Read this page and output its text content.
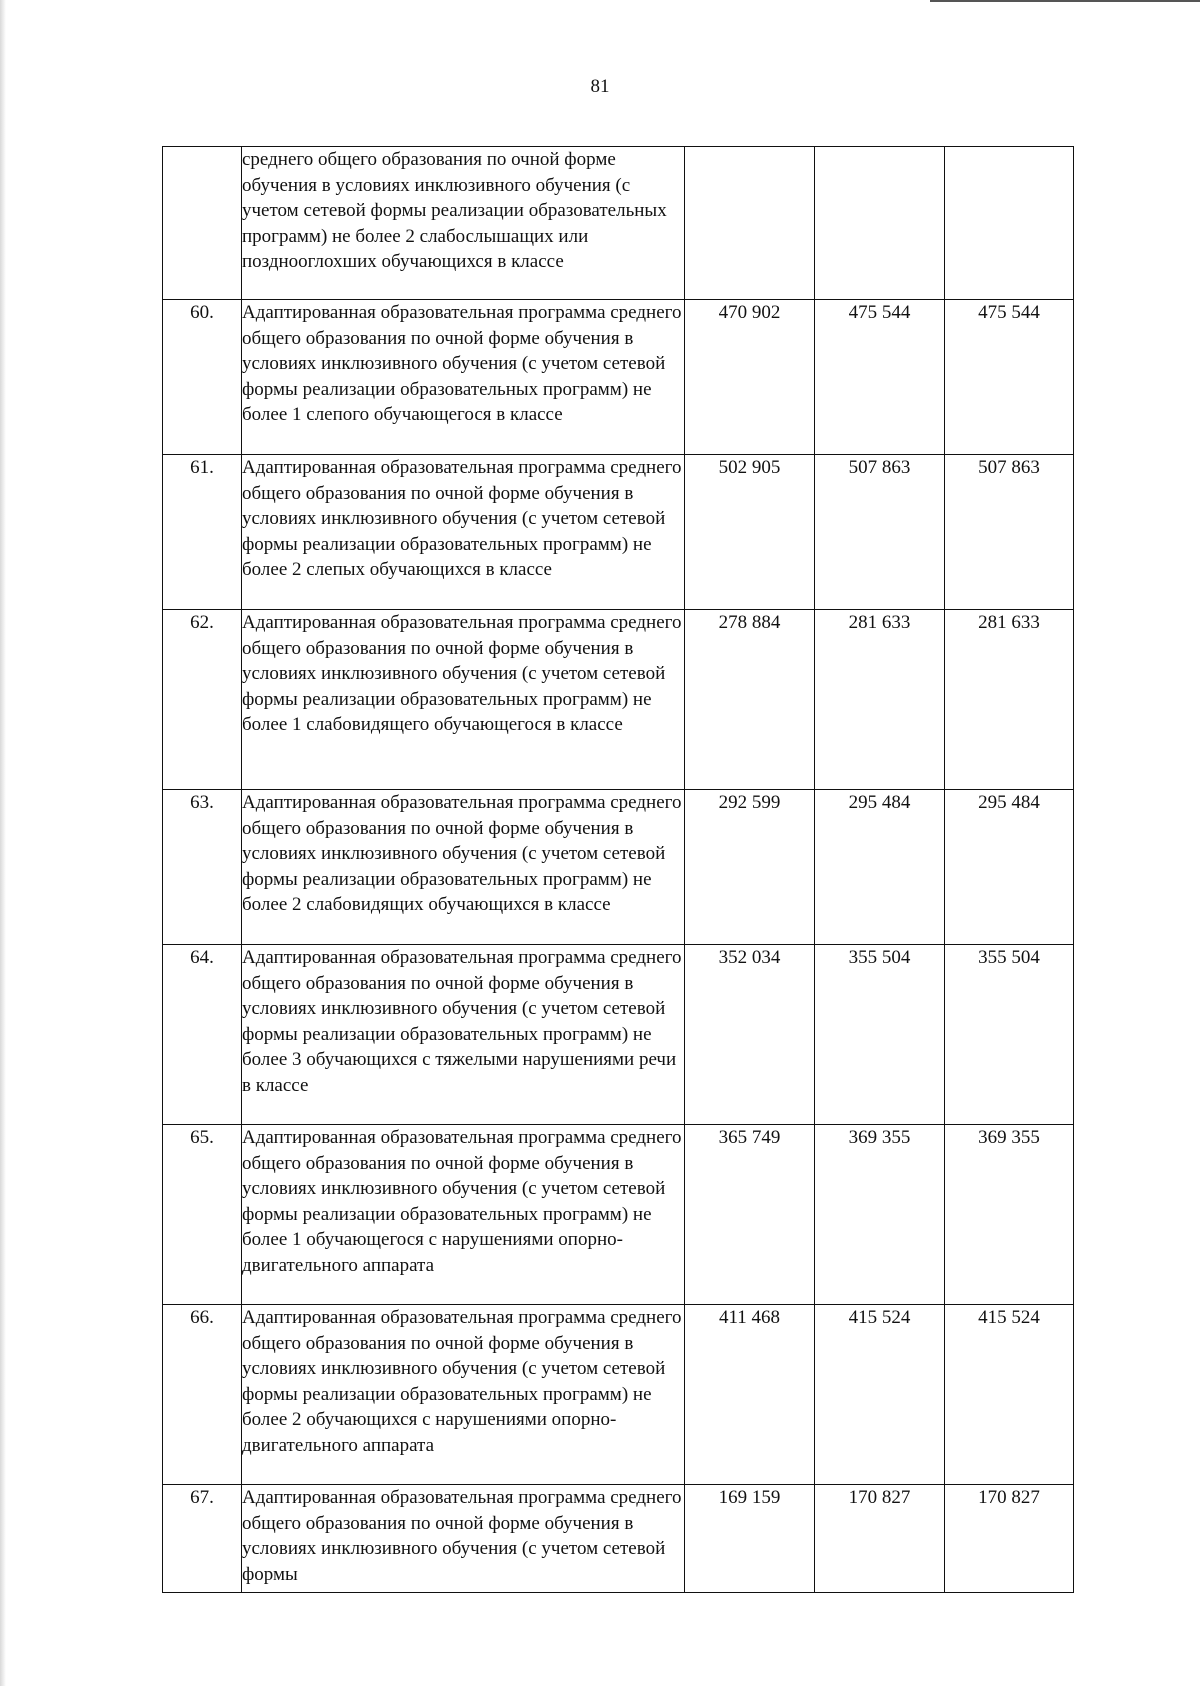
81
	среднего общего образования по очной форме обучения в условиях инклюзивного обучения (с учетом сетевой формы реализации образовательных программ) не более 2 слабослышащих или позднооглохших обучающихся в классе			
60.	Адаптированная образовательная программа среднего общего образования по очной форме обучения в условиях инклюзивного обучения (с учетом сетевой формы реализации образовательных программ) не более 1 слепого обучающегося в классе	470 902	475 544	475 544
61.	Адаптированная образовательная программа среднего общего образования по очной форме обучения в условиях инклюзивного обучения (с учетом сетевой формы реализации образовательных программ) не более 2 слепых обучающихся в классе	502 905	507 863	507 863
62.	Адаптированная образовательная программа среднего общего образования по очной форме обучения в условиях инклюзивного обучения (с учетом сетевой формы реализации образовательных программ) не более 1 слабовидящего обучающегося в классе	278 884	281 633	281 633
63.	Адаптированная образовательная программа среднего общего образования по очной форме обучения в условиях инклюзивного обучения (с учетом сетевой формы реализации образовательных программ) не более 2 слабовидящих обучающихся в классе	292 599	295 484	295 484
64.	Адаптированная образовательная программа среднего общего образования по очной форме обучения в условиях инклюзивного обучения (с учетом сетевой формы реализации образовательных программ) не более 3 обучающихся с тяжелыми нарушениями речи в классе	352 034	355 504	355 504
65.	Адаптированная образовательная программа среднего общего образования по очной форме обучения в условиях инклюзивного обучения (с учетом сетевой формы реализации образовательных программ) не более 1 обучающегося с нарушениями опорно-двигательного аппарата	365 749	369 355	369 355
66.	Адаптированная образовательная программа среднего общего образования по очной форме обучения в условиях инклюзивного обучения (с учетом сетевой формы реализации образовательных программ) не более 2 обучающихся с нарушениями опорно-двигательного аппарата	411 468	415 524	415 524
67.	Адаптированная образовательная программа среднего общего образования по очной форме обучения в условиях инклюзивного обучения (с учетом сетевой формы	169 159	170 827	170 827
